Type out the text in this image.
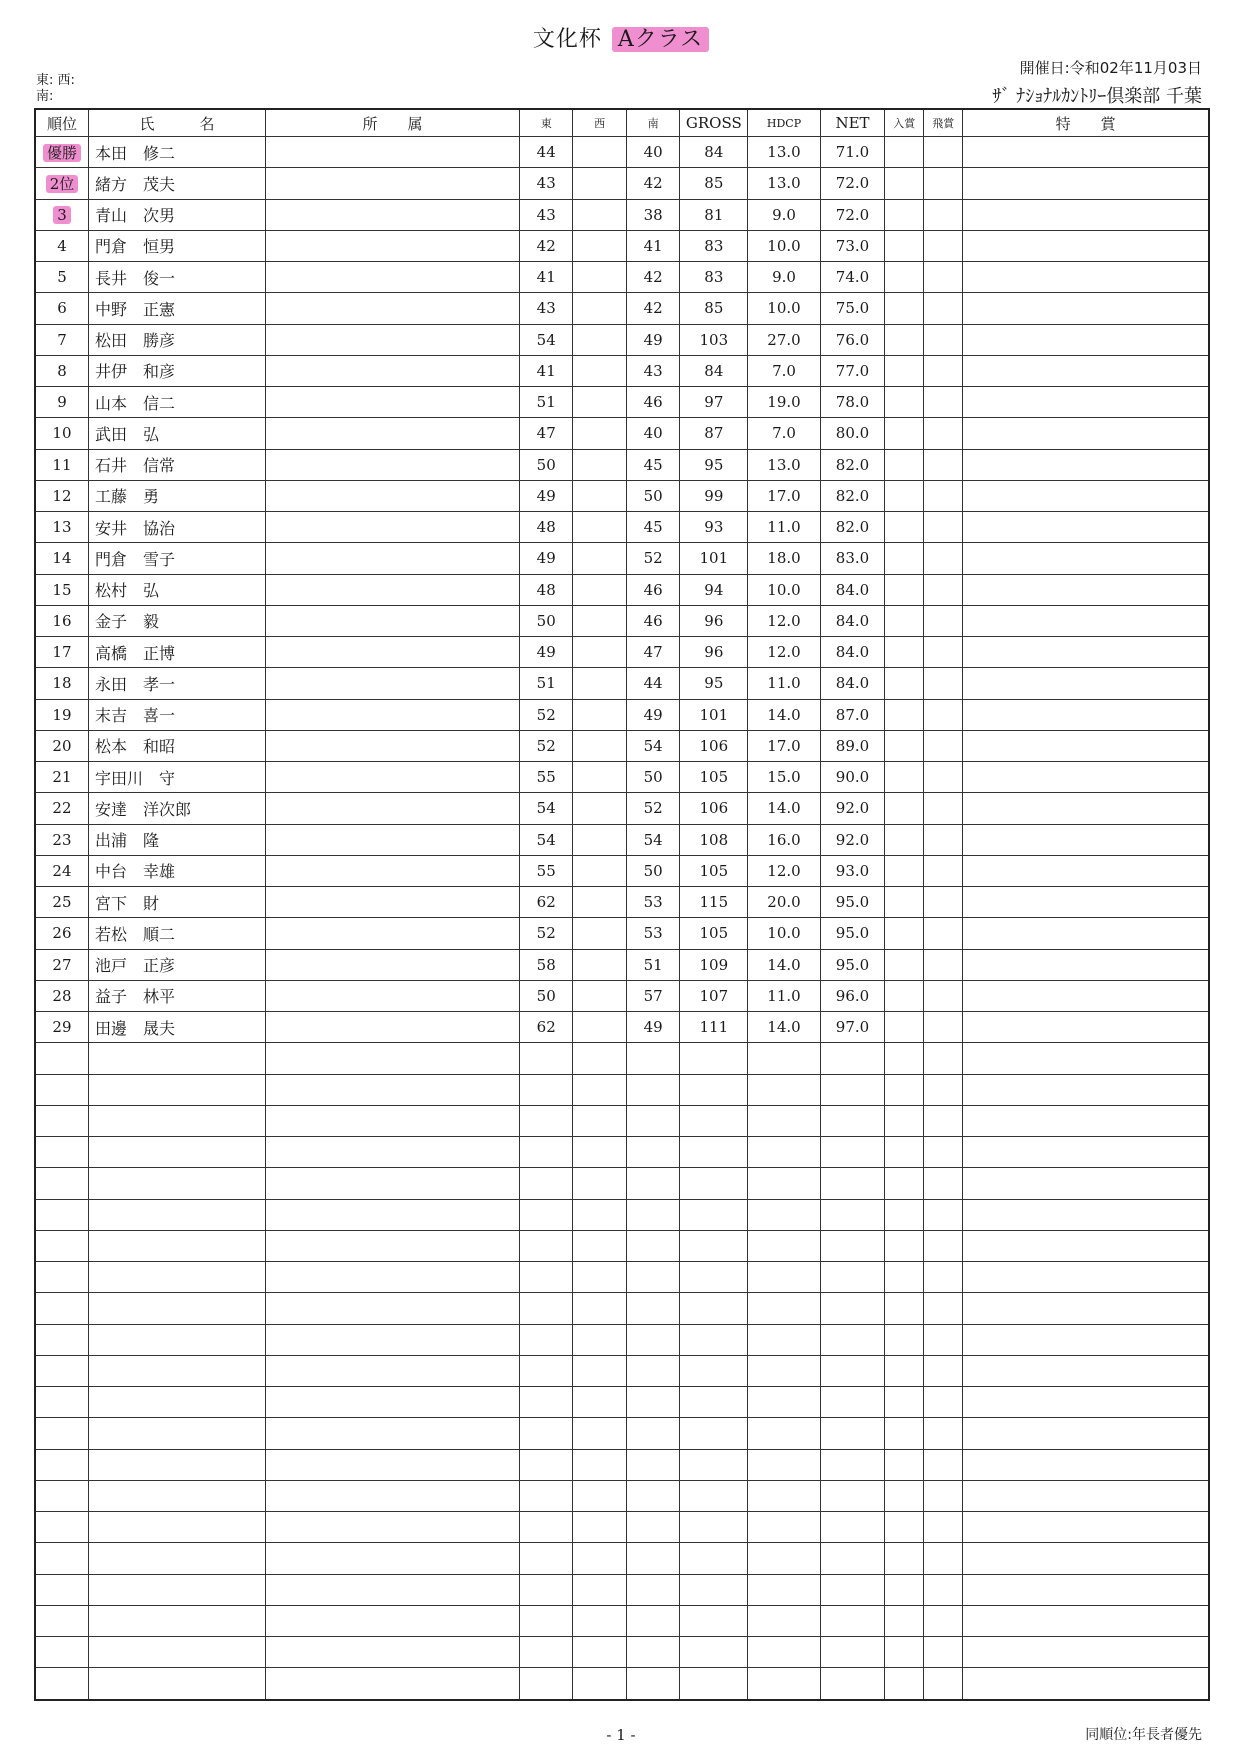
文化杯 Aクラス
開催日:令和02年11月03日
ｻﾞ ﾅｼｮﾅﾙｶﾝﾄﾘｰ倶楽部 千葉
東: 西:
南:
順位	氏　　　名	所　　属	東	西	南	GROSS	HDCP	NET	入賞	飛賞	特　　賞
優勝	本田 修二		44		40	84	13.0	71.0			
2位	緒方 茂夫		43		42	85	13.0	72.0			
3	青山 次男		43		38	81	9.0	72.0			
4	門倉 恒男		42		41	83	10.0	73.0			
5	長井 俊一		41		42	83	9.0	74.0			
6	中野 正憲		43		42	85	10.0	75.0			
7	松田 勝彦		54		49	103	27.0	76.0			
8	井伊 和彦		41		43	84	7.0	77.0			
9	山本 信二		51		46	97	19.0	78.0			
10	武田 弘		47		40	87	7.0	80.0			
11	石井 信常		50		45	95	13.0	82.0			
12	工藤 勇		49		50	99	17.0	82.0			
13	安井 協治		48		45	93	11.0	82.0			
14	門倉 雪子		49		52	101	18.0	83.0			
15	松村 弘		48		46	94	10.0	84.0			
16	金子 毅		50		46	96	12.0	84.0			
17	高橋 正博		49		47	96	12.0	84.0			
18	永田 孝一		51		44	95	11.0	84.0			
19	末吉 喜一		52		49	101	14.0	87.0			
20	松本 和昭		52		54	106	17.0	89.0			
21	宇田川 守		55		50	105	15.0	90.0			
22	安達 洋次郎		54		52	106	14.0	92.0			
23	出浦 隆		54		54	108	16.0	92.0			
24	中台 幸雄		55		50	105	12.0	93.0			
25	宮下 財		62		53	115	20.0	95.0			
26	若松 順二		52		53	105	10.0	95.0			
27	池戸 正彦		58		51	109	14.0	95.0			
28	益子 林平		50		57	107	11.0	96.0			
29	田邊 晟夫		62		49	111	14.0	97.0			

- 1 -	同順位:年長者優先
